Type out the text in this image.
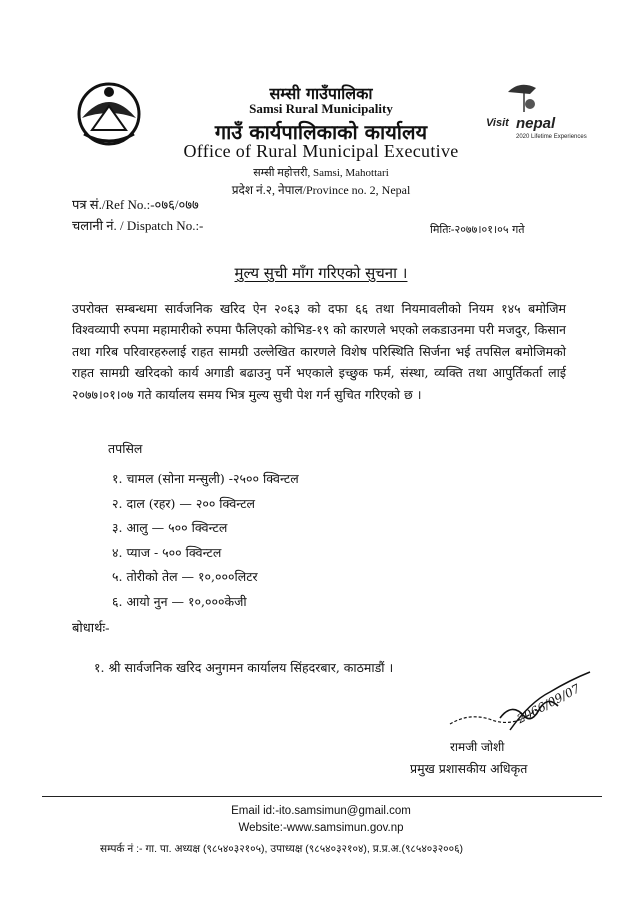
Visit nepal
2020 Lifetime Experiences
सम्सी गाउँपालिका
Samsi Rural Municipality
गाउँ कार्यपालिकाको कार्यालय
Office of Rural Municipal Executive
सम्सी महोत्तरी, Samsi, Mahottari
प्रदेश नं.२, नेपाल/Province no. 2, Nepal
पत्र सं./Ref No.:-०७६/०७७
चलानी नं. / Dispatch No.:-	मितिः-२०७७।०१।०५ गते
मुल्य सुची माँग गरिएको सुचना ।
उपरोक्त सम्बन्धमा सार्वजनिक खरिद ऐन २०६३ को दफा ६६ तथा नियमावलीको नियम १४५ बमोजिम विश्वव्यापी रुपमा महामारीको रुपमा फैलिएको कोभिड-१९ को कारणले भएको लकडाउनमा परी मजदुर, किसान तथा गरिब परिवारहरुलाई राहत सामग्री उल्लेखित कारणले विशेष परिस्थिति सिर्जना भई तपसिल बमोजिमको राहत सामग्री खरिदको कार्य अगाडी बढाउनु पर्ने भएकाले इच्छुक फर्म, संस्था, व्यक्ति तथा आपुर्तिकर्ता लाई २०७७।०१।०७ गते कार्यालय समय भित्र मुल्य सुची पेश गर्न सुचित गरिएको छ ।
तपसिल
१. चामल (सोना मन्सुली) -२५०० क्विन्टल
२. दाल (रहर) — २०० क्विन्टल
३. आलु — ५०० क्विन्टल
४. प्याज - ५०० क्विन्टल
५. तोरीको तेल — १०,०००लिटर
६. आयो नुन — १०,०००केजी
बोधार्थः-
१. श्री सार्वजनिक खरिद अनुगमन कार्यालय सिंहदरबार, काठमाडौं ।
2066/09/07
रामजी जोशी
प्रमुख प्रशासकीय अधिकृत
Email id:-ito.samsimun@gmail.com
Website:-www.samsimun.gov.np
सम्पर्क नं :- गा. पा. अध्यक्ष (९८५४०३२१०५), उपाध्यक्ष (९८५४०३२१०४), प्र.प्र.अ.(९८५४०३२००६)
